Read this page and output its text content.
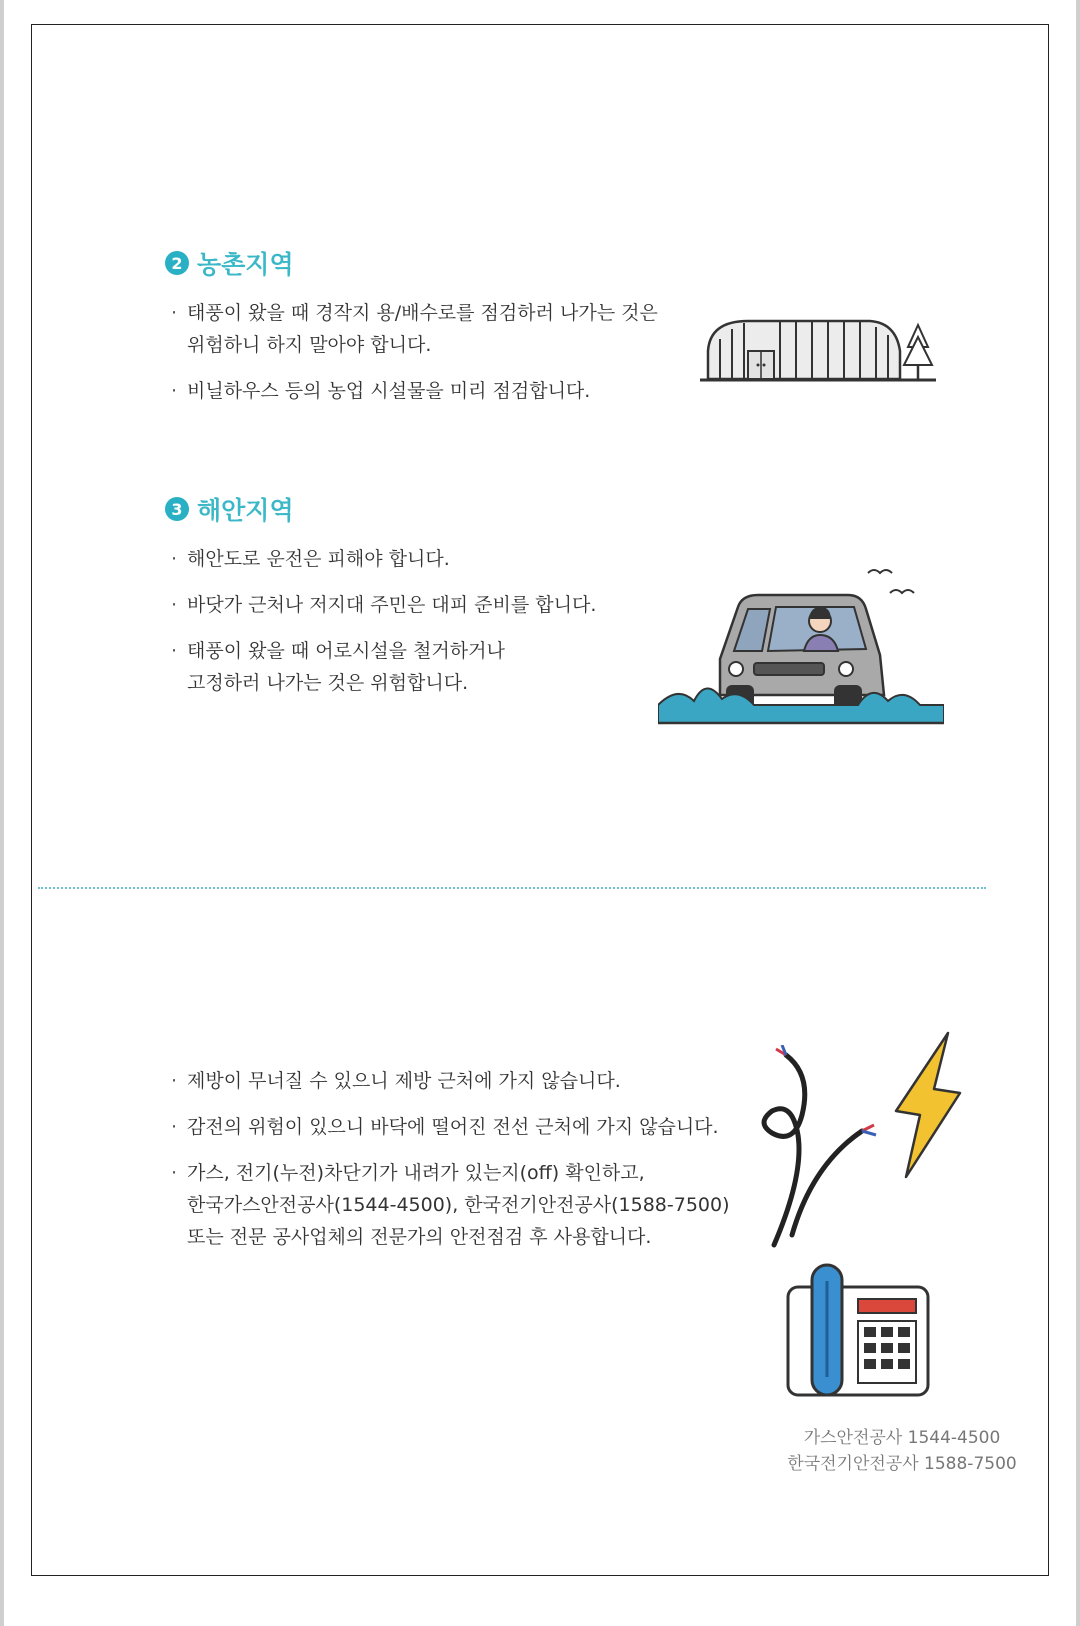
2 농촌지역
· 태풍이 왔을 때 경작지 용/배수로를 점검하러 나가는 것은
위험하니 하지 말아야 합니다.
· 비닐하우스 등의 농업 시설물을 미리 점검합니다.
3 해안지역
· 해안도로 운전은 피해야 합니다.
· 바닷가 근처나 저지대 주민은 대피 준비를 합니다.
· 태풍이 왔을 때 어로시설을 철거하거나
고정하러 나가는 것은 위험합니다.
· 제방이 무너질 수 있으니 제방 근처에 가지 않습니다.
· 감전의 위험이 있으니 바닥에 떨어진 전선 근처에 가지 않습니다.
· 가스, 전기(누전)차단기가 내려가 있는지(off) 확인하고,
한국가스안전공사(1544-4500), 한국전기안전공사(1588-7500)
또는 전문 공사업체의 전문가의 안전점검 후 사용합니다.
가스안전공사 1544-4500
한국전기안전공사 1588-7500
